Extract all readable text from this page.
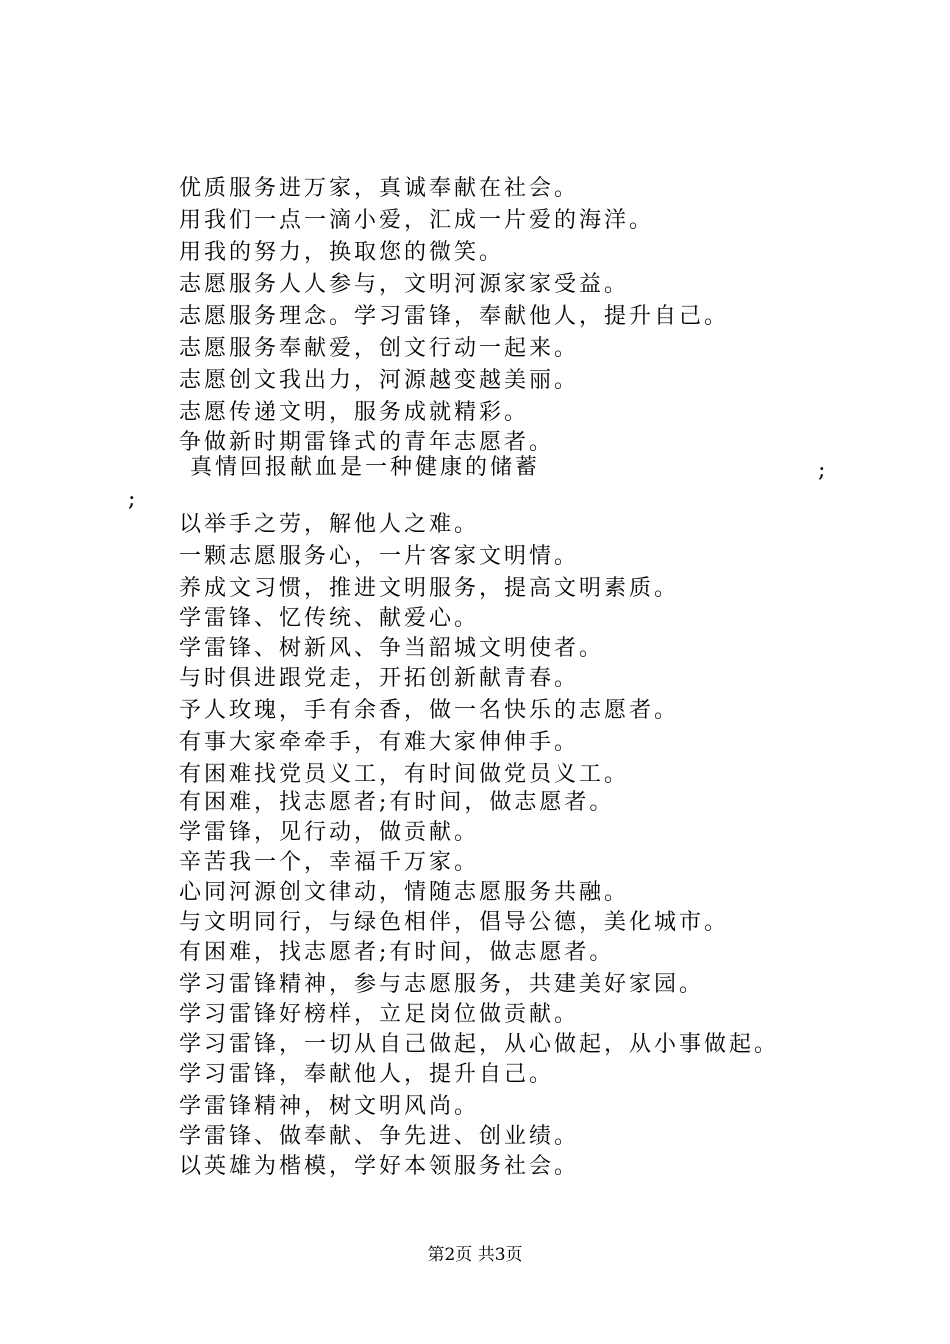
优质服务进万家，真诚奉献在社会。
用我们一点一滴小爱，汇成一片爱的海洋。
用我的努力，换取您的微笑。
志愿服务人人参与，文明河源家家受益。
志愿服务理念。学习雷锋，奉献他人，提升自己。
志愿服务奉献爱，创文行动一起来。
志愿创文我出力，河源越变越美丽。
志愿传递文明，服务成就精彩。
争做新时期雷锋式的青年志愿者。
真情回报献血是一种健康的储蓄	;
;
以举手之劳，解他人之难。
一颗志愿服务心，一片客家文明情。
养成文习惯，推进文明服务，提高文明素质。
学雷锋、忆传统、献爱心。
学雷锋、树新风、争当韶城文明使者。
与时俱进跟党走，开拓创新献青春。
予人玫瑰，手有余香，做一名快乐的志愿者。
有事大家牵牵手，有难大家伸伸手。
有困难找党员义工，有时间做党员义工。
有困难，找志愿者;有时间，做志愿者。
学雷锋，见行动，做贡献。
辛苦我一个，幸福千万家。
心同河源创文律动，情随志愿服务共融。
与文明同行，与绿色相伴，倡导公德，美化城市。
有困难，找志愿者;有时间，做志愿者。
学习雷锋精神，参与志愿服务，共建美好家园。
学习雷锋好榜样，立足岗位做贡献。
学习雷锋，一切从自己做起，从心做起，从小事做起。
学习雷锋，奉献他人，提升自己。
学雷锋精神，树文明风尚。
学雷锋、做奉献、争先进、创业绩。
以英雄为楷模，学好本领服务社会。
第2页 共3页
